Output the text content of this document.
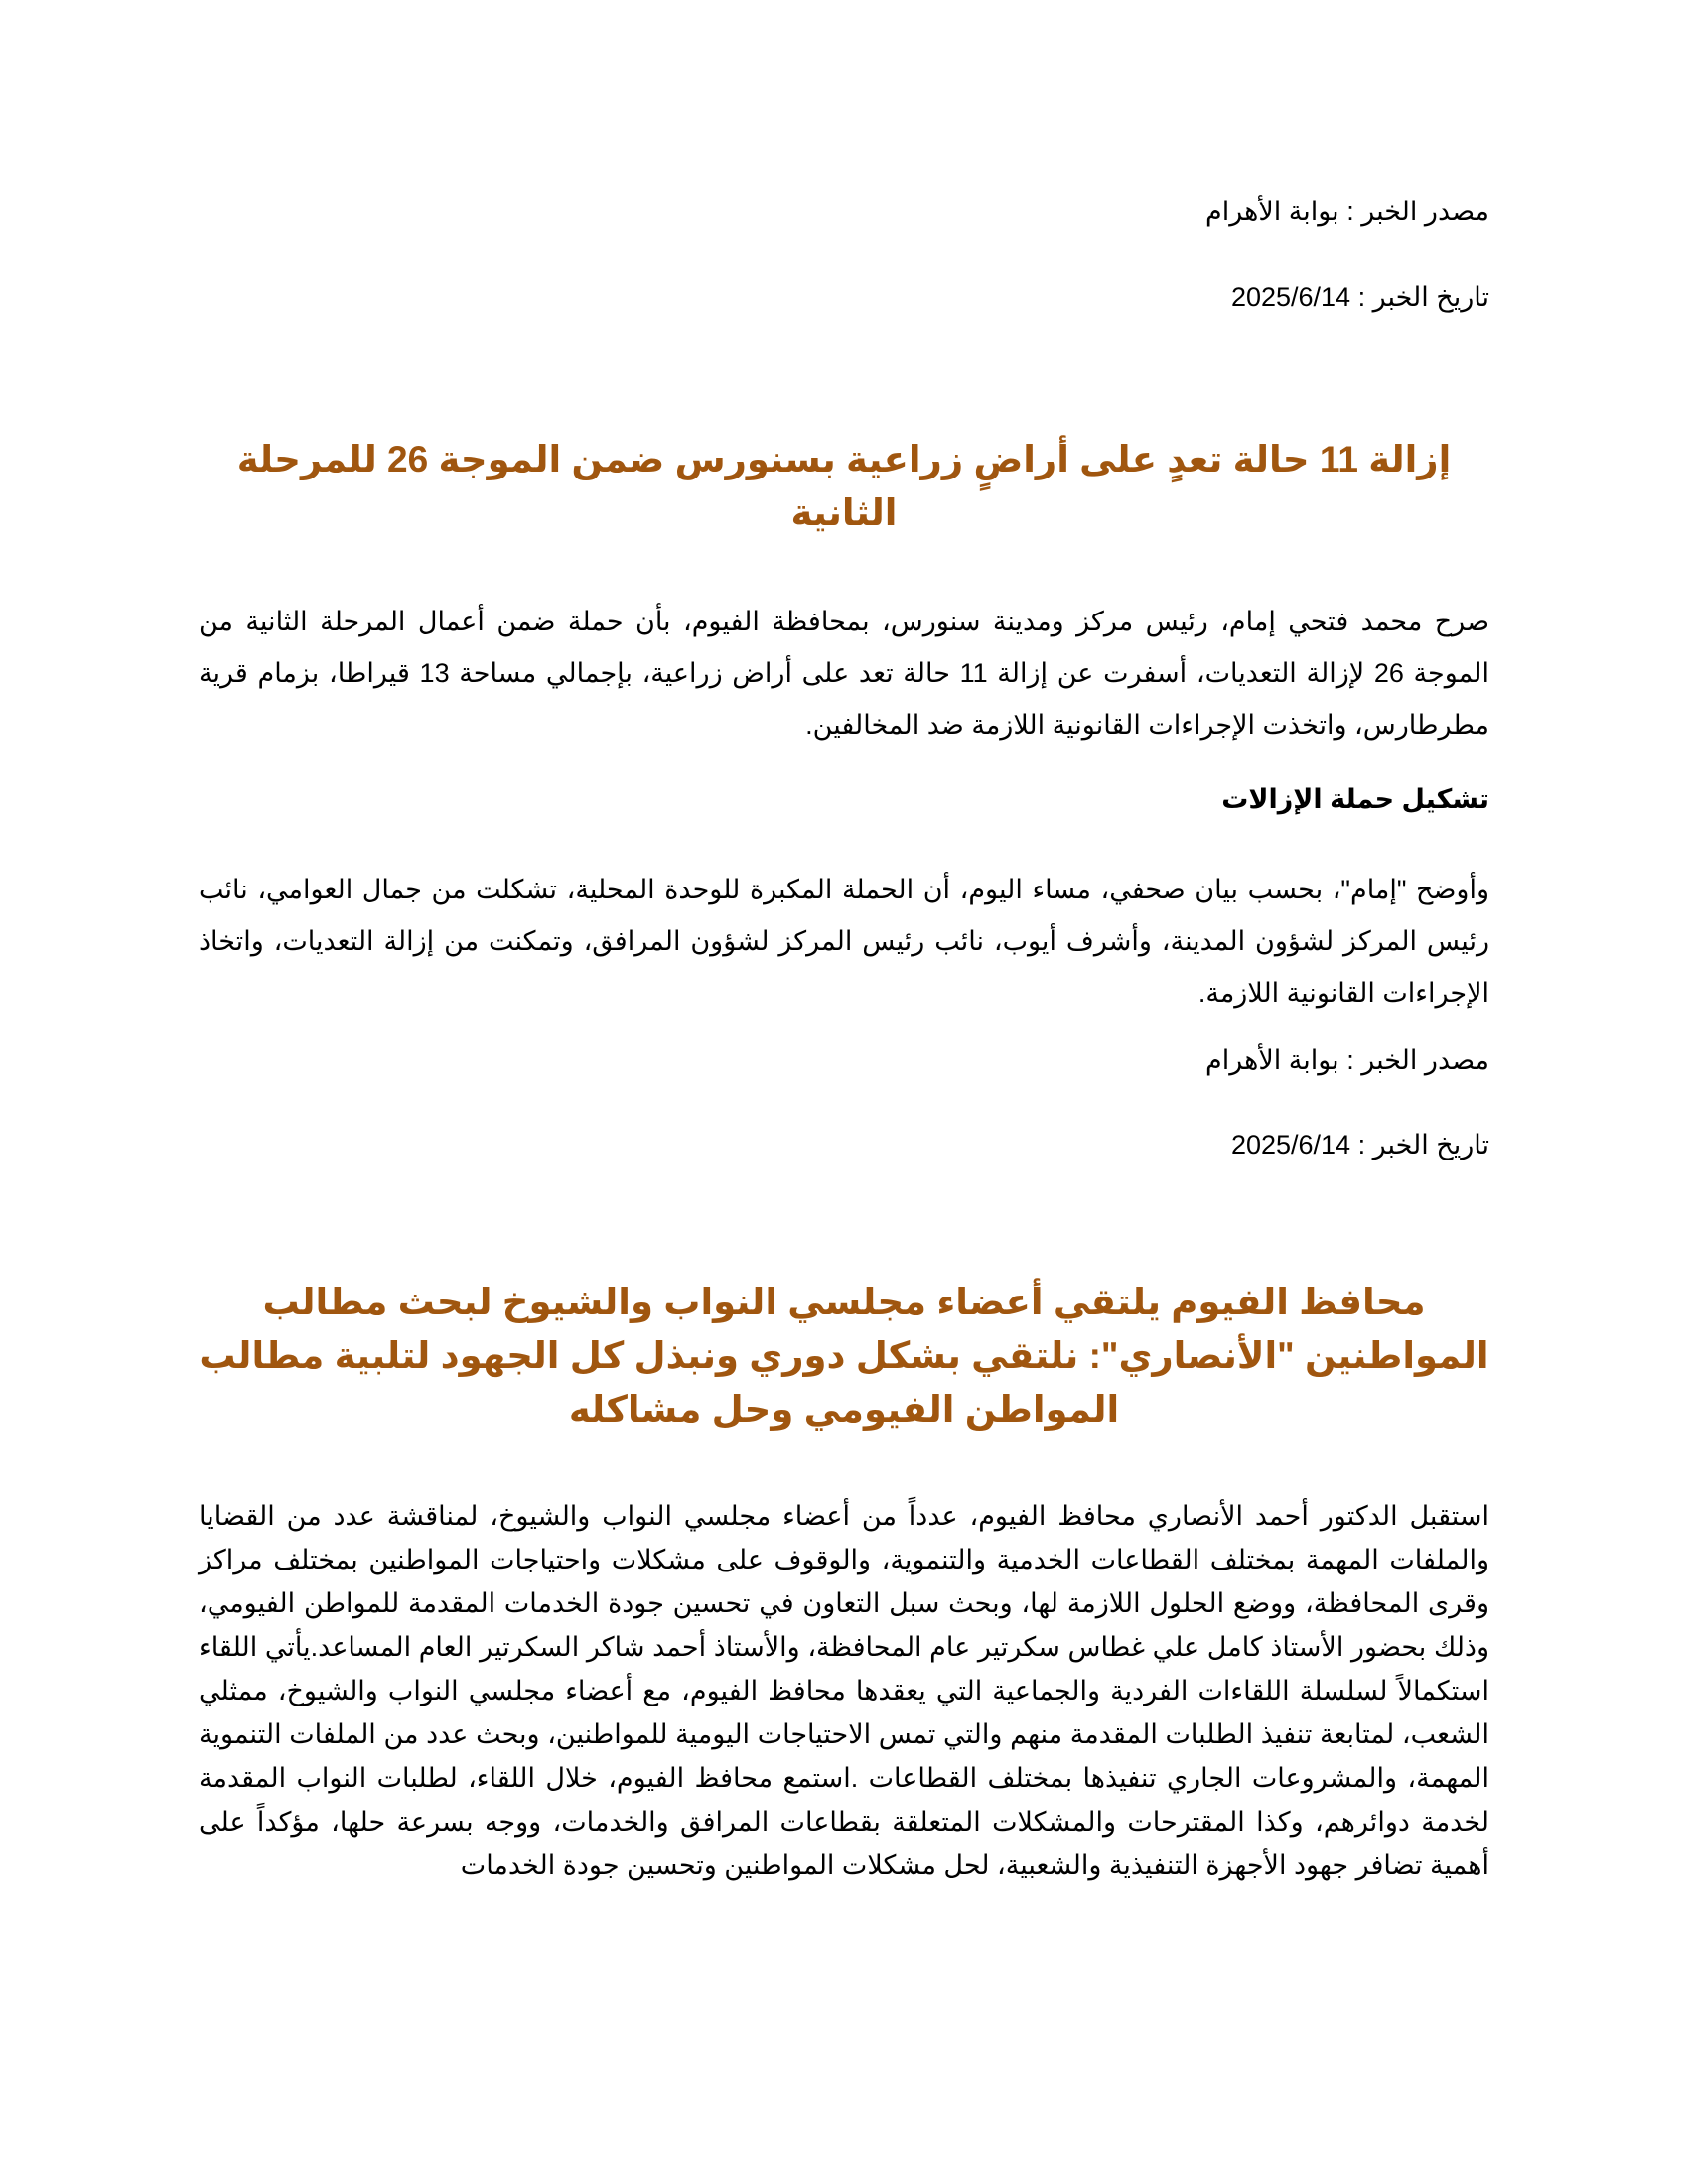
مصدر الخبر : بوابة الأهرام
تاريخ الخبر : 2025/6/14
إزالة 11 حالة تعدٍ على أراضٍ زراعية بسنورس ضمن الموجة 26 للمرحلة الثانية
صرح محمد فتحي إمام، رئيس مركز ومدينة سنورس، بمحافظة الفيوم، بأن حملة ضمن أعمال المرحلة الثانية من الموجة 26 لإزالة التعديات، أسفرت عن إزالة 11 حالة تعد على أراض زراعية، بإجمالي مساحة 13 قيراطا، بزمام قرية مطرطارس، واتخذت الإجراءات القانونية اللازمة ضد المخالفين.
تشكيل حملة الإزالات
وأوضح "إمام"، بحسب بيان صحفي، مساء اليوم، أن الحملة المكبرة للوحدة المحلية، تشكلت من جمال العوامي، نائب رئيس المركز لشؤون المدينة، وأشرف أيوب، نائب رئيس المركز لشؤون المرافق، وتمكنت من إزالة التعديات، واتخاذ الإجراءات القانونية اللازمة.
مصدر الخبر : بوابة الأهرام
تاريخ الخبر : 2025/6/14
محافظ الفيوم يلتقي أعضاء مجلسي النواب والشيوخ لبحث مطالب المواطنين "الأنصاري": نلتقي بشكل دوري ونبذل كل الجهود لتلبية مطالب المواطن الفيومي وحل مشاكله
استقبل الدكتور أحمد الأنصاري محافظ الفيوم، عدداً من أعضاء مجلسي النواب والشيوخ، لمناقشة عدد من القضايا والملفات المهمة بمختلف القطاعات الخدمية والتنموية، والوقوف على مشكلات واحتياجات المواطنين بمختلف مراكز وقرى المحافظة، ووضع الحلول اللازمة لها، وبحث سبل التعاون في تحسين جودة الخدمات المقدمة للمواطن الفيومي، وذلك بحضور الأستاذ كامل علي غطاس سكرتير عام المحافظة، والأستاذ أحمد شاكر السكرتير العام المساعد.يأتي اللقاء استكمالاً لسلسلة اللقاءات الفردية والجماعية التي يعقدها محافظ الفيوم، مع أعضاء مجلسي النواب والشيوخ، ممثلي الشعب، لمتابعة تنفيذ الطلبات المقدمة منهم والتي تمس الاحتياجات اليومية للمواطنين، وبحث عدد من الملفات التنموية المهمة، والمشروعات الجاري تنفيذها بمختلف القطاعات .استمع محافظ الفيوم، خلال اللقاء، لطلبات النواب المقدمة لخدمة دوائرهم، وكذا المقترحات والمشكلات المتعلقة بقطاعات المرافق والخدمات، ووجه بسرعة حلها، مؤكداً على أهمية تضافر جهود الأجهزة التنفيذية والشعبية، لحل مشكلات المواطنين وتحسين جودة الخدمات
